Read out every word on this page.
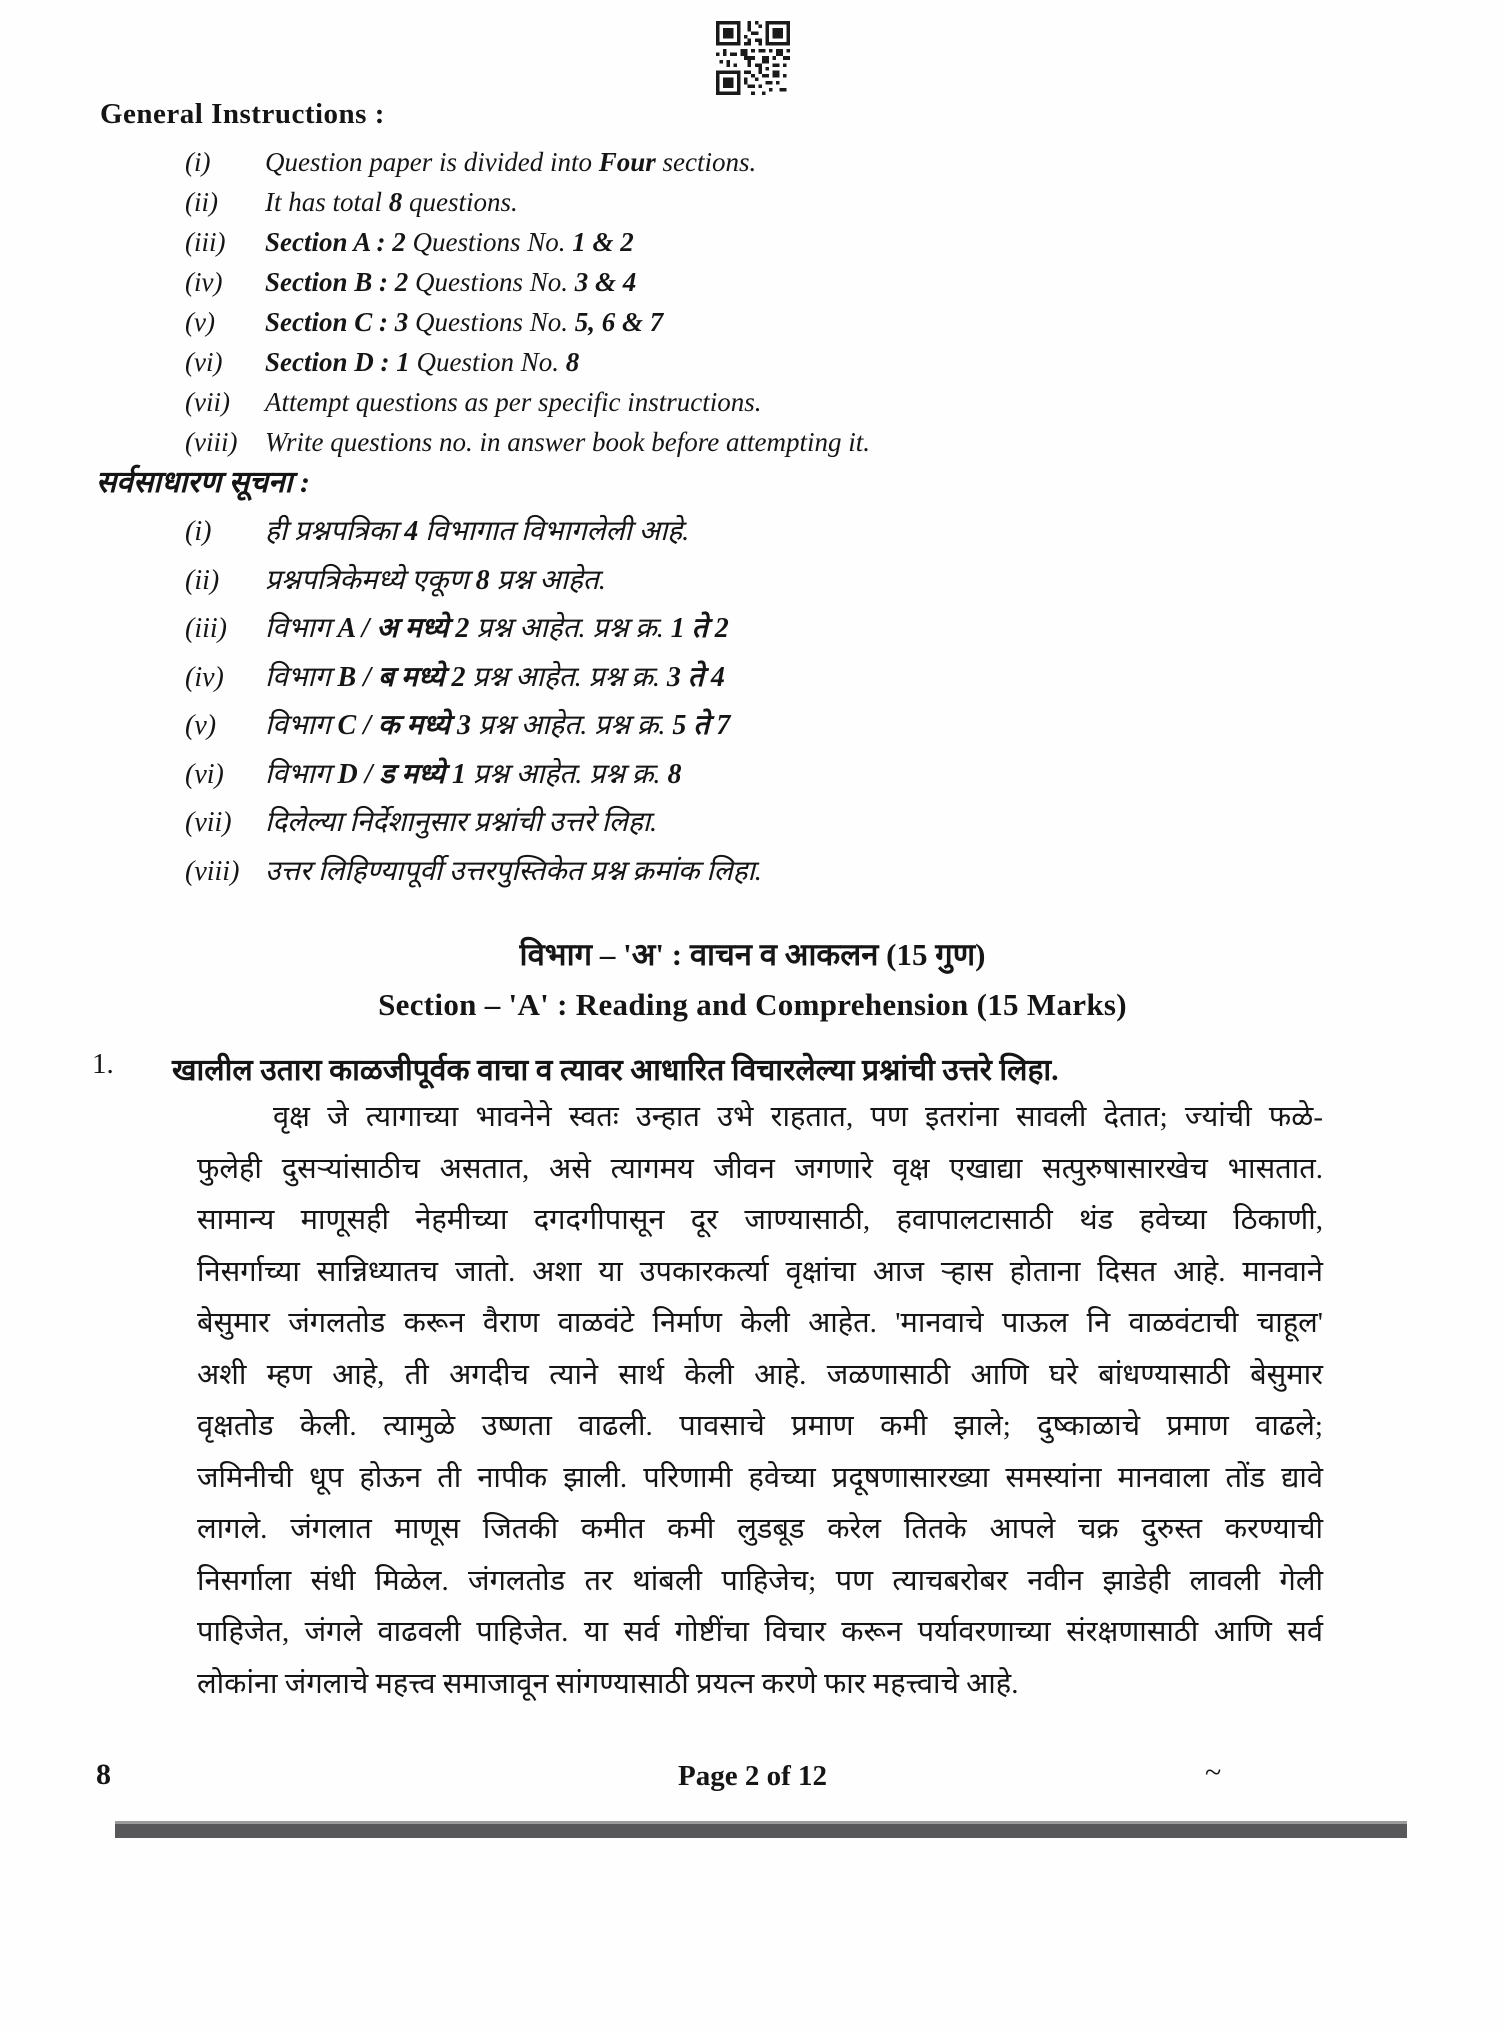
General Instructions :
(i) Question paper is divided into Four sections.
(ii) It has total 8 questions.
(iii) Section A : 2 Questions No. 1 & 2
(iv) Section B : 2 Questions No. 3 & 4
(v) Section C : 3 Questions No. 5, 6 & 7
(vi) Section D : 1 Question No. 8
(vii) Attempt questions as per specific instructions.
(viii) Write questions no. in answer book before attempting it.
सर्वसाधारण सूचना :
(i) ही प्रश्नपत्रिका 4 विभागात विभागलेली आहे.
(ii) प्रश्नपत्रिकेमध्ये एकूण 8 प्रश्न आहेत.
(iii) विभाग A / अ मध्ये 2 प्रश्न आहेत. प्रश्न क्र. 1 ते 2
(iv) विभाग B / ब मध्ये 2 प्रश्न आहेत. प्रश्न क्र. 3 ते 4
(v) विभाग C / क मध्ये 3 प्रश्न आहेत. प्रश्न क्र. 5 ते 7
(vi) विभाग D / ड मध्ये 1 प्रश्न आहेत. प्रश्न क्र. 8
(vii) दिलेल्या निर्देशानुसार प्रश्नांची उत्तरे लिहा.
(viii) उत्तर लिहिण्यापूर्वी उत्तरपुस्तिकेत प्रश्न क्रमांक लिहा.
विभाग – 'अ' : वाचन व आकलन (15 गुण)
Section – 'A' : Reading and Comprehension (15 Marks)
1. खालील उतारा काळजीपूर्वक वाचा व त्यावर आधारित विचारलेल्या प्रश्नांची उत्तरे लिहा.
वृक्ष जे त्यागाच्या भावनेने स्वतः उन्हात उभे राहतात, पण इतरांना सावली देतात; ज्यांची फळे-
फुलेही दुसऱ्यांसाठीच असतात, असे त्यागमय जीवन जगणारे वृक्ष एखाद्या सत्पुरुषासारखेच भासतात.
सामान्य माणूसही नेहमीच्या दगदगीपासून दूर जाण्यासाठी, हवापालटासाठी थंड हवेच्या ठिकाणी,
निसर्गाच्या सान्निध्यातच जातो. अशा या उपकारकर्त्या वृक्षांचा आज ऱ्हास होताना दिसत आहे. मानवाने
बेसुमार जंगलतोड करून वैराण वाळवंटे निर्माण केली आहेत. 'मानवाचे पाऊल नि वाळवंटाची चाहूल'
अशी म्हण आहे, ती अगदीच त्याने सार्थ केली आहे. जळणासाठी आणि घरे बांधण्यासाठी बेसुमार
वृक्षतोड केली. त्यामुळे उष्णता वाढली. पावसाचे प्रमाण कमी झाले; दुष्काळाचे प्रमाण वाढले;
जमिनीची धूप होऊन ती नापीक झाली. परिणामी हवेच्या प्रदूषणासारख्या समस्यांना मानवाला तोंड द्यावे
लागले. जंगलात माणूस जितकी कमीत कमी लुडबूड करेल तितके आपले चक्र दुरुस्त करण्याची
निसर्गाला संधी मिळेल. जंगलतोड तर थांबली पाहिजेच; पण त्याचबरोबर नवीन झाडेही लावली गेली
पाहिजेत, जंगले वाढवली पाहिजेत. या सर्व गोष्टींचा विचार करून पर्यावरणाच्या संरक्षणासाठी आणि सर्व
लोकांना जंगलाचे महत्त्व समाजावून सांगण्यासाठी प्रयत्न करणे फार महत्त्वाचे आहे.
8	Page 2 of 12	~
